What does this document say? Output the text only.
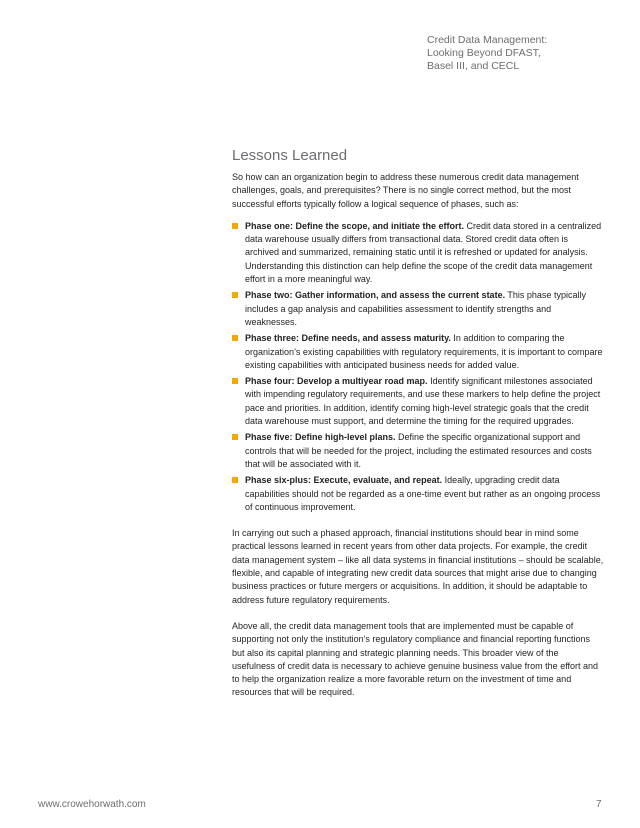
Credit Data Management:
Looking Beyond DFAST,
Basel III, and CECL
Lessons Learned

So how can an organization begin to address these numerous credit data management challenges, goals, and prerequisites? There is no single correct method, but the most successful efforts typically follow a logical sequence of phases, such as:

Phase one: Define the scope, and initiate the effort. Credit data stored in a centralized data warehouse usually differs from transactional data. Stored credit data often is archived and summarized, remaining static until it is refreshed or updated for analysis. Understanding this distinction can help define the scope of the credit data management effort in a more meaningful way.
Phase two: Gather information, and assess the current state. This phase typically includes a gap analysis and capabilities assessment to identify strengths and weaknesses.
Phase three: Define needs, and assess maturity. In addition to comparing the organization’s existing capabilities with regulatory requirements, it is important to compare existing capabilities with anticipated business needs for added value.
Phase four: Develop a multiyear road map. Identify significant milestones associated with impending regulatory requirements, and use these markers to help define the project pace and priorities. In addition, identify coming high-level strategic goals that the credit data warehouse must support, and determine the timing for the required upgrades.
Phase five: Define high-level plans. Define the specific organizational support and controls that will be needed for the project, including the estimated resources and costs that will be associated with it.
Phase six-plus: Execute, evaluate, and repeat. Ideally, upgrading credit data capabilities should not be regarded as a one-time event but rather as an ongoing process of continuous improvement.

In carrying out such a phased approach, financial institutions should bear in mind some practical lessons learned in recent years from other data projects. For example, the credit data management system – like all data systems in financial institutions – should be scalable, flexible, and capable of integrating new credit data sources that might arise due to changing business practices or future mergers or acquisitions. In addition, it should be adaptable to address future regulatory requirements.

Above all, the credit data management tools that are implemented must be capable of supporting not only the institution’s regulatory compliance and financial reporting functions but also its capital planning and strategic planning needs. This broader view of the usefulness of credit data is necessary to achieve genuine business value from the effort and to help the organization realize a more favorable return on the investment of time and resources that will be required.

www.crowehorwath.com	7
